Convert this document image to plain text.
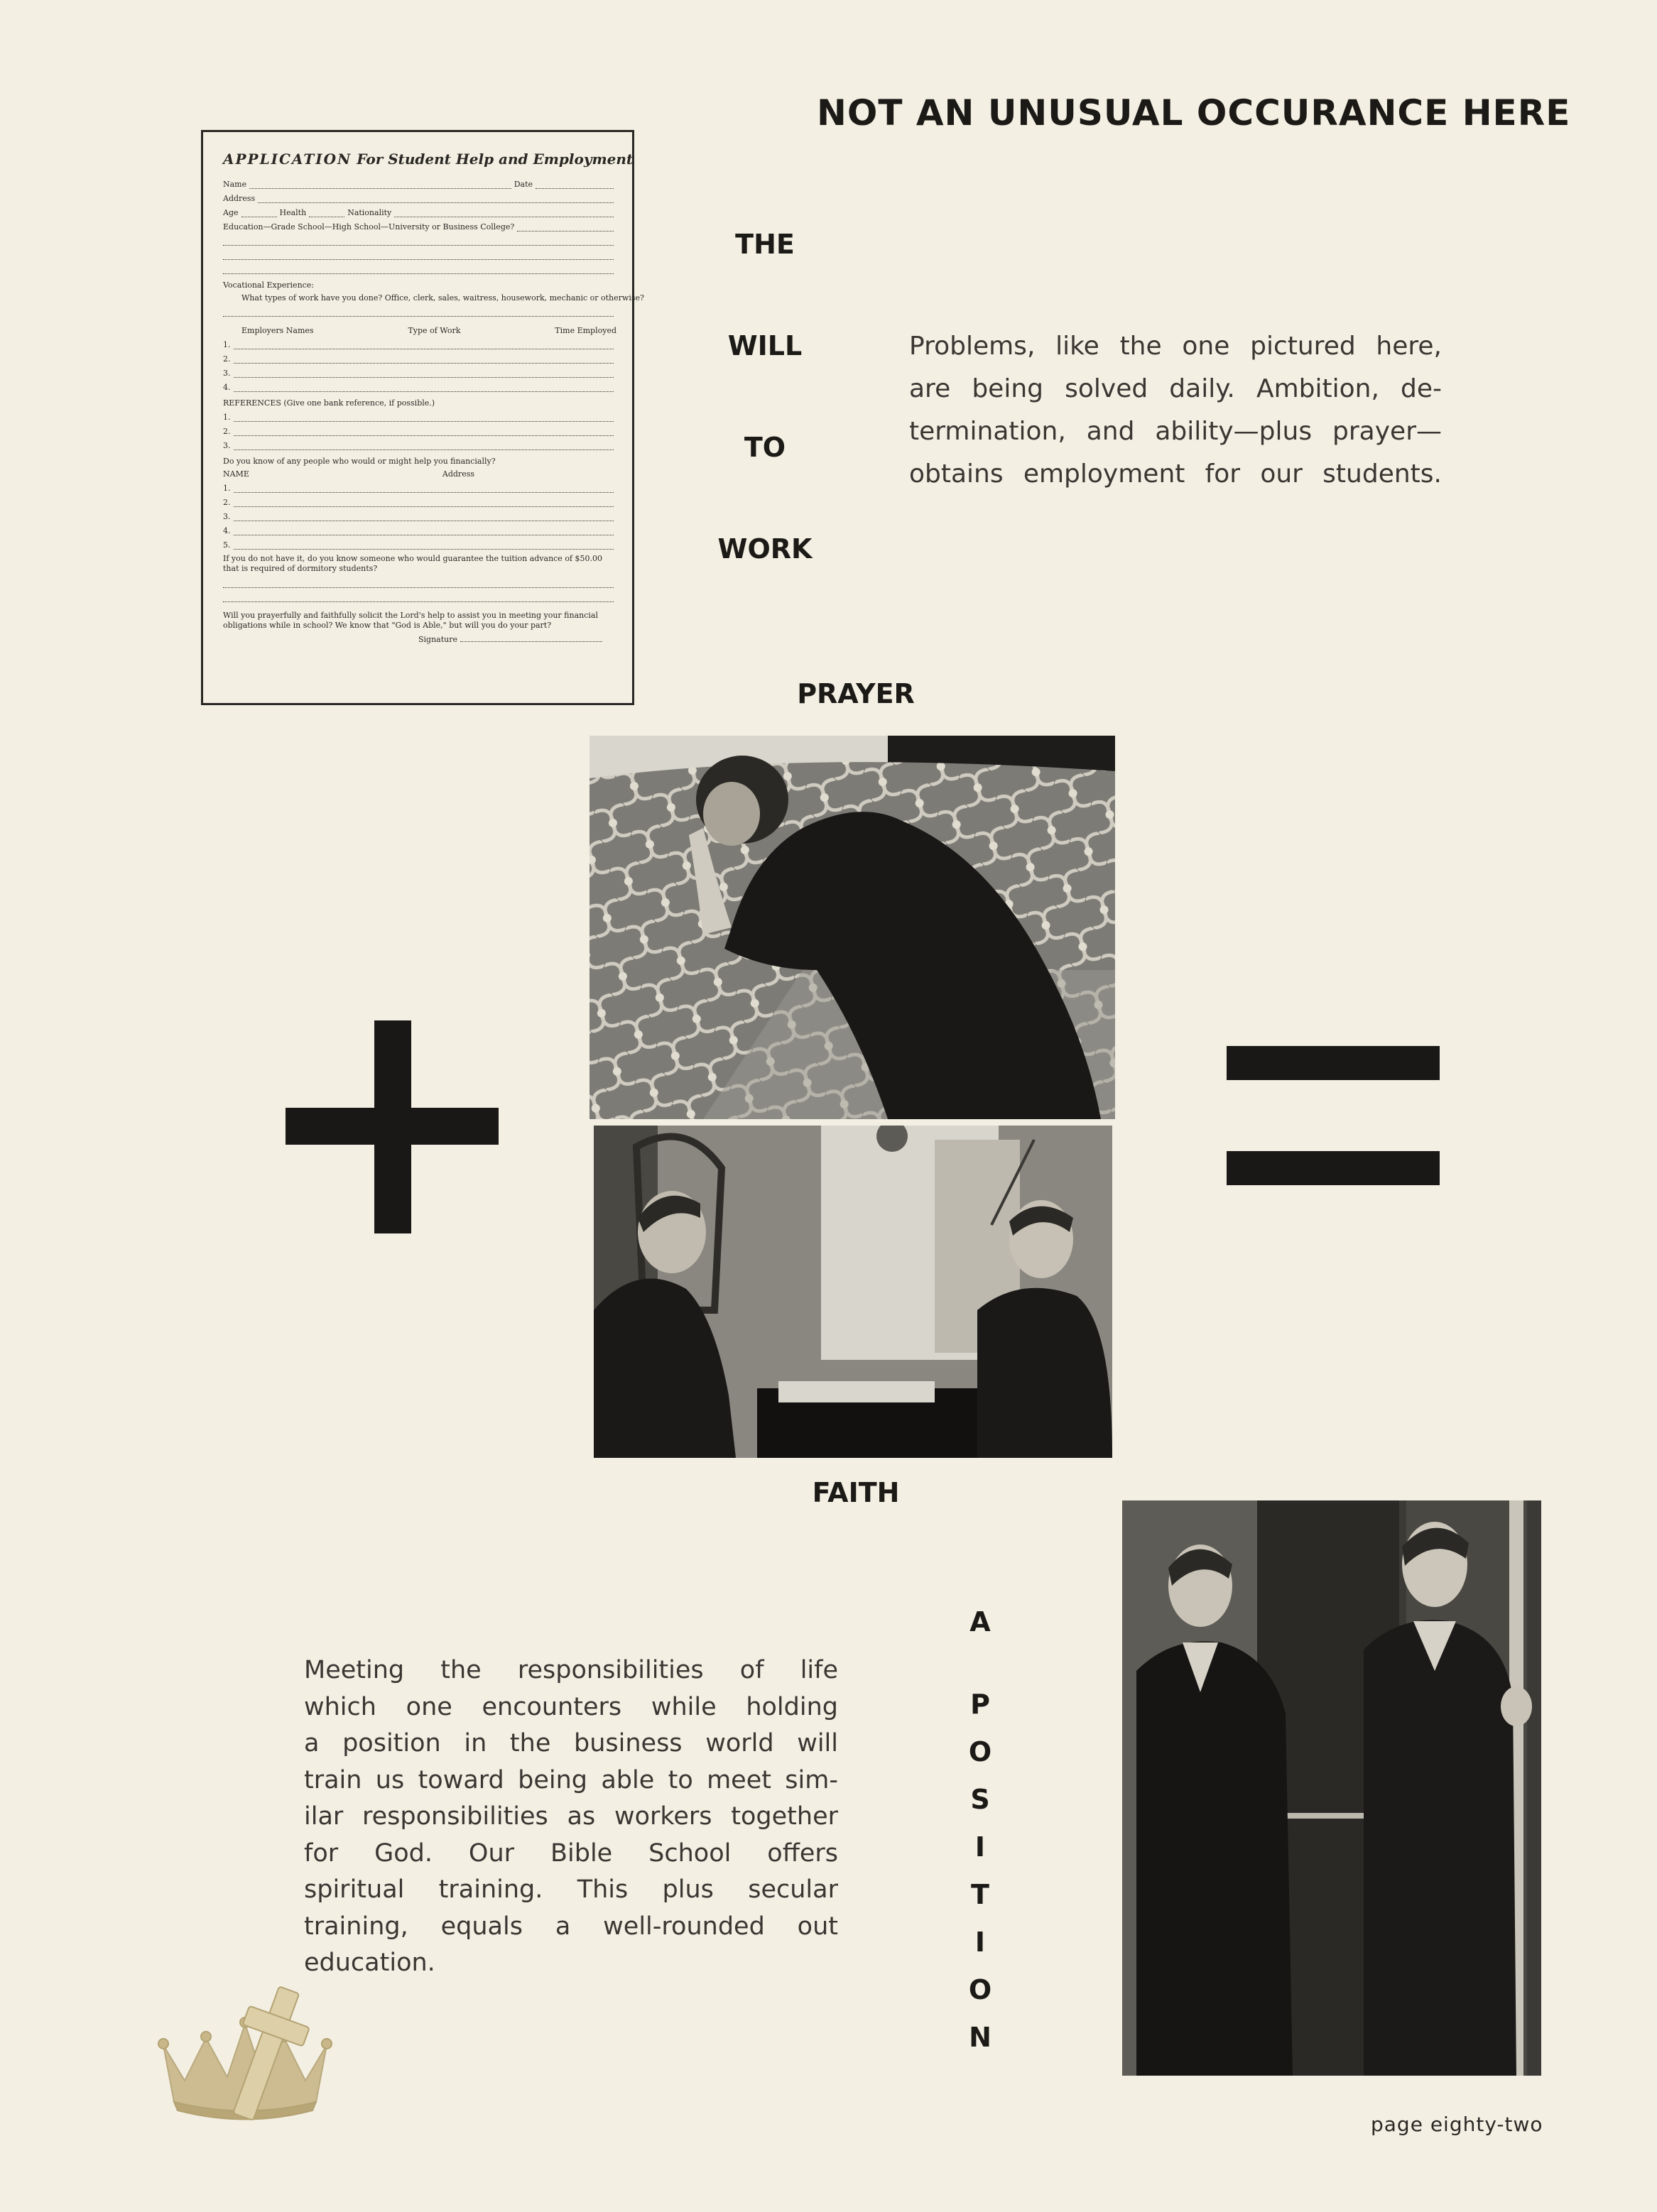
NOT AN UNUSUAL OCCURANCE HERE
APPLICATION For Student Help and Employment
Name	Date
Address
Age	Health	Nationality
Education—Grade School—High School—University or Business College?
Vocational Experience:
What types of work have you done? Office, clerk, sales, waitress, housework, mechanic or otherwise?
Employers Names	Type of Work	Time Employed
1.
2.
3.
4.
REFERENCES (Give one bank reference, if possible.)
1.
2.
3.
Do you know of any people who would or might help you financially?
NAME	Address
1.
2.
3.
4.
5.
If you do not have it, do you know someone who would guarantee the tuition advance of $50.00 that is required of dormitory students?
Will you prayerfully and faithfully solicit the Lord's help to assist you in meeting your financial obligations while in school? We know that "God is Able," but will you do your part?
Signature
THE
WILL
TO
WORK
Problems, like the one pictured here,
are being solved daily. Ambition, de-
termination, and ability—plus prayer—
obtains employment for our students.
PRAYER
FAITH
Meeting the responsibilities of life
which one encounters while holding
a position in the business world will
train us toward being able to meet sim-
ilar responsibilities as workers together
for God. Our Bible School offers
spiritual training. This plus secular
training, equals a well-rounded out
education.
A
P
O
S
I
T
I
O
N
page eighty-two
